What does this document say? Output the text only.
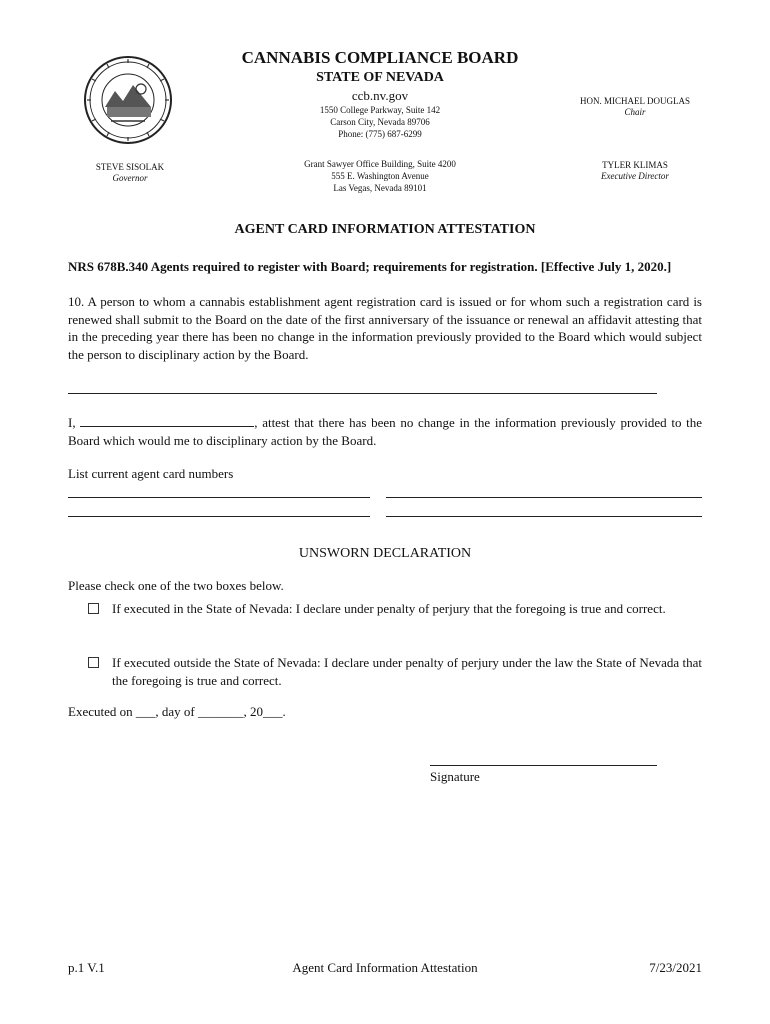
CANNABIS COMPLIANCE BOARD
STATE OF NEVADA
ccb.nv.gov
1550 College Parkway, Suite 142
Carson City, Nevada 89706
Phone: (775) 687-6299
Grant Sawyer Office Building, Suite 4200
555 E. Washington Avenue
Las Vegas, Nevada 89101
HON. MICHAEL DOUGLAS
Chair
STEVE SISOLAK
Governor
TYLER KLIMAS
Executive Director
AGENT CARD INFORMATION ATTESTATION
NRS 678B.340 Agents required to register with Board; requirements for registration. [Effective July 1, 2020.]
10. A person to whom a cannabis establishment agent registration card is issued or for whom such a registration card is renewed shall submit to the Board on the date of the first anniversary of the issuance or renewal an affidavit attesting that in the preceding year there has been no change in the information previously provided to the Board which would subject the person to disciplinary action by the Board.
I,	, attest that there has been no change in the information previously provided to the Board which would me to disciplinary action by the Board.
List current agent card numbers
UNSWORN DECLARATION
Please check one of the two boxes below.
If executed in the State of Nevada: I declare under penalty of perjury that the foregoing is true and correct.
If executed outside the State of Nevada: I declare under penalty of perjury under the law the State of Nevada that the foregoing is true and correct.
Executed on ___, day of _______, 20___.
Signature
p.1 V.1	Agent Card Information Attestation	7/23/2021
